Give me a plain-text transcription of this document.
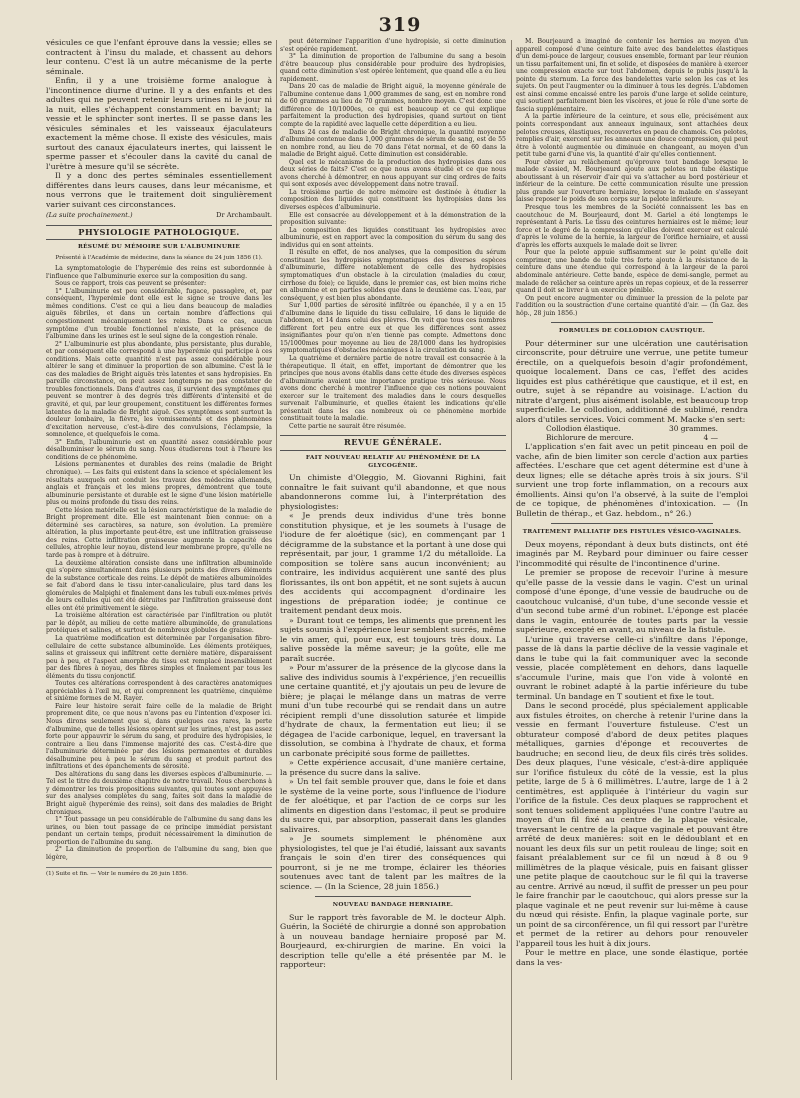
319

vésicules ce que l'enfant éprouve dans la vessie; elles se contractent à l'insu du malade, et chassent au dehors leur contenu. C'est là un autre mécanisme de la perte séminale.

Enfin, il y a une troisième forme analogue à l'incontinence diurne d'urine. Il y a des enfants et des adultes qui ne peuvent retenir leurs urines ni le jour ni la nuit, elles s'échappent constamment en bavant; la vessie et le sphincter sont inertes. Il se passe dans les vésicules séminales et les vaisseaux éjaculateurs exactement la même chose. Il existe des vésicules, mais surtout des canaux éjaculateurs inertes, qui laissent le sperme passer et s'écouler dans la cavité du canal de l'urètre à mesure qu'il se sécrète.

Il y a donc des pertes séminales essentiellement différentes dans leurs causes, dans leur mécanisme, et nous verrons que le traitement doit singulièrement varier suivant ces circonstances.

(La suite prochainement.)	Dr Archambault.
PHYSIOLOGIE PATHOLOGIQUE.
RÉSUMÉ DU MÉMOIRE SUR L'ALBUMINURIE
Présenté à l'Académie de médecine, dans la séance du 24 juin 1856 (1).

La symptomatologie de l'hyperémie des reins est subordonnée à l'influence que l'albuminurie exerce sur la composition du sang.

Sous ce rapport, trois cas peuvent se présenter:

1° L'albuminurie est peu considérable, fugace, passagère, et, par conséquent, l'hyperémie dont elle est le signe se trouve dans les mêmes conditions. C'est ce qui a lieu dans beaucoup de maladies aiguës fébriles, et dans un certain nombre d'affections qui congestionnent mécaniquement les reins. Dans ce cas, aucun symptôme d'un trouble fonctionnel n'existe, et la présence de l'albumine dans les urines est le seul signe de la congestion rénale.

2° L'albuminurie est plus abondante, plus persistante, plus durable, et par conséquent elle correspond à une hyperémie qui participe à ces conditions. Mais cette quantité n'est pas assez considérable pour altérer le sang et diminuer la proportion de son albumine. C'est là le cas des maladies de Bright aiguës très latentes et sans hydropisies. En pareille circonstance, on peut assez longtemps ne pas constater de troubles fonctionnels. Dans d'autres cas, il survient des symptômes qui peuvent se montrer à des degrés très différents d'intensité et de gravité, et qui, par leur groupement, constituent les différentes formes latentes de la maladie de Bright aiguë. Ces symptômes sont surtout la douleur lombaire, la fièvre, les vomissements et des phénomènes d'excitation nerveuse, c'est-à-dire des convulsions, l'éclampsie, la somnolence, et quelquefois le coma.

3° Enfin, l'albuminurie est en quantité assez considérable pour désalbuminiser le sérum du sang. Nous étudierons tout à l'heure les conditions de ce phénomène.

Lésions permanentes et durables des reins (maladie de Bright chronique). — Les faits qui existent dans la science et spécialement les résultats auxquels ont conduit les travaux des médecins allemands, anglais et français et les miens propres, démontrent que toute albuminurie persistante et durable est le signe d'une lésion matérielle plus ou moins profonde du tissu des reins.

Cette lésion matérielle est la lésion caractéristique de la maladie de Bright proprement dite. Elle est maintenant bien connue: on a déterminé ses caractères, sa nature, son évolution. La première altération, la plus importante peut-être, est une infiltration graisseuse des reins. Cette infiltration graisseuse augmente la capacité des cellules, atrophie leur noyau, distend leur membrane propre, qu'elle ne tarde pas à rompre et à détruire.

La deuxième altération consiste dans une infiltration albuminoïde qui s'opère simultanément dans plusieurs points des divers éléments de la substance corticale des reins. Le dépôt de matières albuminoïdes se fait d'abord dans le tissu inter-canaliculaire, plus tard dans les glomérules de Malpighi et finalement dans les tubuli eux-mêmes privés de leurs cellules qui ont été détruites par l'infiltration graisseuse dont elles ont été primitivement le siège.

La troisième altération est caractérisée par l'infiltration ou plutôt par le dépôt, au milieu de cette matière albuminoïde, de granulations protéiques et salines, et surtout de nombreux globules de graisse.

La quatrième modification est déterminée par l'organisation fibro-cellulaire de cette substance albuminoïde. Les éléments protéiques, salins et graisseux qui infiltrent cette dernière matière, disparaissent peu à peu, et l'aspect amorphe du tissu est remplacé insensiblement par des fibres à noyau, des fibres simples et finalement par tous les éléments du tissu conjonctif.

Toutes ces altérations correspondent à des caractères anatomiques appréciables à l'œil nu, et qui comprennent les quatrième, cinquième et sixième formes de M. Rayer.

Faire leur histoire serait faire celle de la maladie de Bright proprement dite, ce que nous n'avons pas eu l'intention d'exposer ici. Nous dirons seulement que si, dans quelques cas rares, la perte d'albumine, que de telles lésions opèrent sur les urines, n'est pas assez forte pour appauvrir le sérum du sang, et produire des hydropisies, le contraire a lieu dans l'immense majorité des cas. C'est-à-dire que l'albuminurie déterminée par des lésions permanentes et durables désalbumine peu à peu le sérum du sang et produit partout des infiltrations et des épanchements de sérosité.

Des altérations du sang dans les diverses espèces d'albuminurie. — Tel est le titre du deuxième chapitre de notre travail. Nous cherchons à y démontrer les trois propositions suivantes, qui toutes sont appuyées sur des analyses complètes du sang, faites soit dans la maladie de Bright aiguë (hyperémie des reins), soit dans des maladies de Bright chroniques.

1° Tout passage un peu considérable de l'albumine du sang dans les urines, ou bien tout passage de ce principe immédiat persistant pendant un certain temps, produit nécessairement la diminution de proportion de l'albumine du sang.

2° La diminution de proportion de l'albumine du sang, bien que légère,

(1) Suite et fin. — Voir le numéro du 26 juin 1856.

peut déterminer l'apparition d'une hydropisie, si cette diminution s'est opérée rapidement.

3° La diminution de proportion de l'albumine du sang a besoin d'être beaucoup plus considérable pour produire des hydropisies, quand cette diminution s'est opérée lentement, que quand elle a eu lieu rapidement.

Dans 20 cas de maladie de Bright aiguë, la moyenne générale de l'albumine contenue dans 1,000 grammes de sang, est en nombre rond de 60 grammes au lieu de 70 grammes, nombre moyen. C'est donc une différence de 10/1000es, ce qui est beaucoup et ce qui explique parfaitement la production des hydropisies, quand surtout on tient compte de la rapidité avec laquelle cette déperdition a eu lieu.

Dans 24 cas de maladie de Bright chronique, la quantité moyenne d'albumine contenue dans 1,000 grammes de sérum de sang, est de 55 en nombre rond, au lieu de 70 dans l'état normal, et de 60 dans la maladie de Bright aiguë. Cette diminution est considérable.

Quel est le mécanisme de la production des hydropisies dans ces deux séries de faits? C'est ce que nous avons étudié et ce que nous avons cherché à démontrer, en nous appuyant sur cinq ordres de faits qui sont exposés avec développement dans notre travail.

La troisième partie de notre mémoire est destinée à étudier la composition des liquides qui constituent les hydropisies dans les diverses espèces d'albuminurie.

Elle est consacrée au développement et à la démonstration de la proposition suivante:

La composition des liquides constituant les hydropisies avec albuminurie, est en rapport avec la composition du sérum du sang des individus qui en sont atteints.

Il résulte en effet, de nos analyses, que la composition du sérum constituant les hydropisies symptomatiques des diverses espèces d'albuminurie, diffère notablement de celle des hydropisies symptomatiques d'un obstacle à la circulation (maladies du cœur, cirrhose du foie); ce liquide, dans le premier cas, est bien moins riche en albumine et en parties solides que dans le deuxième cas. L'eau, par conséquent, y est bien plus abondante.

Sur 1,000 parties de sérosité infiltrée ou épanchée, il y a en 15 d'albumine dans le liquide du tissu cellulaire, 16 dans le liquide de l'abdomen, et 14 dans celui des plèvres. On voit que tous ces nombres diffèrent fort peu entre eux et que les différences sont assez insignifiantes pour qu'on n'en tienne pas compte. Admettons donc 15/1000mes pour moyenne au lieu de 28/1000 dans les hydropisies symptomatiques d'obstacles mécaniques à la circulation du sang.

La quatrième et dernière partie de notre travail est consacrée à la thérapeutique. Il était, en effet, important de démontrer que les principes que nous avons établis dans cette étude des diverses espèces d'albuminurie avaient une importance pratique très sérieuse. Nous avons donc cherché à montrer l'influence que ces notions pouvaient exercer sur le traitement des maladies dans le cours desquelles survenait l'albuminurie, et quelles étaient les indications qu'elle présentait dans les cas nombreux où ce phénomène morbide constituait toute la maladie.

Cette partie ne saurait être résumée.

REVUE GÉNÉRALE.
FAIT NOUVEAU RELATIF AU PHÉNOMÈNE DE LA GLYCOGÉNIE.

Un chimiste d'Oleggio, M. Giovanni Righini, fait connaître le fait suivant qu'il abandonne, et que nous abandonnerons comme lui, à l'interprétation des physiologistes:

« Je prends deux individus d'une très bonne constitution physique, et je les soumets à l'usage de l'iodure de fer aloétique (sic), en commençant par 1 décigramme de la substance et la portant à une dose qui représentait, par jour, 1 gramme 1/2 du métalloïde. La composition se tolère sans aucun inconvénient; au contraire, les individus acquièrent une santé des plus florissantes, ils ont bon appétit, et ne sont sujets à aucun des accidents qui accompagnent d'ordinaire les ingestions de préparation iodée; je continue ce traitement pendant deux mois.

» Durant tout ce temps, les aliments que prennent les sujets soumis à l'expérience leur semblent sucrés, même le vin amer, qui, pour eux, est toujours très doux. La salive possède la même saveur; je la goûte, elle me paraît sucrée.

» Pour m'assurer de la présence de la glycose dans la salive des individus soumis à l'expérience, j'en recueillis une certaine quantité, et j'y ajoutais un peu de levure de bière; je plaçai le mélange dans un matras de verre muni d'un tube recourbé qui se rendait dans un autre récipient rempli d'une dissolution saturée et limpide d'hydrate de chaux, la fermentation eut lieu; il se dégagea de l'acide carbonique, lequel, en traversant la dissolution, se combina à l'hydrate de chaux, et forma un carbonate précipité sous forme de paillettes.

» Cette expérience accusait, d'une manière certaine, la présence du sucre dans la salive.

» Un tel fait semble prouver que, dans le foie et dans le système de la veine porte, sous l'influence de l'iodure de fer aloétique, et par l'action de ce corps sur les aliments en digestion dans l'estomac, il peut se produire du sucre qui, par absorption, passerait dans les glandes salivaires.

» Je soumets simplement le phénomène aux physiologistes, tel que je l'ai étudié, laissant aux savants français le soin d'en tirer des conséquences qui pourront, si je ne me trompe, éclairer les théories soutenues avec tant de talent par les maîtres de la science. — (In la Science, 28 juin 1856.)

NOUVEAU BANDAGE HERNIAIRE.

Sur le rapport très favorable de M. le docteur Alph. Guérin, la Société de chirurgie a donné son approbation à un nouveau bandage herniaire proposé par M. Bourjeaurd, ex-chirurgien de marine. En voici la description telle qu'elle a été présentée par M. le rapporteur:

M. Bourjeaurd a imaginé de contenir les hernies au moyen d'un appareil composé d'une ceinture faite avec des bandelettes élastiques d'un demi-pouce de largeur, cousues ensemble, formant par leur réunion un tissu parfaitement uni, fin et solide, et disposées de manière à exercer une compression exacte sur tout l'abdomen, depuis le pubis jusqu'à la pointe du sternum. La force des bandelettes varie selon les cas et les sujets. On peut l'augmenter ou la diminuer à tous les degrés. L'abdomen est ainsi comme encaissé entre les parois d'une large et solide ceinture, qui soutient parfaitement bien les viscères, et joue le rôle d'une sorte de fascia supplémentaire.

A la partie inférieure de la ceinture, et sous elle, précisément aux points correspondant aux anneaux inguinaux, sont attachées deux pelotes creuses, élastiques, recouvertes en peau de chamois. Ces pelotes, remplies d'air, exercent sur les anneaux une douce compression, qui peut être à volonté augmentée ou diminuée en changeant, au moyen d'un petit tube garni d'une vis, la quantité d'air qu'elles contiennent.

Pour obvier au relâchement qu'éprouve tout bandage lorsque le malade s'assied, M. Bourjeaurd ajoute aux pelotes un tube élastique aboutissant à un réservoir d'air qui va s'attacher au bord postérieur et inférieur de la ceinture. De cette communication résulte une pression plus grande sur l'ouverture herniaire, lorsque le malade en s'asseyant laisse reposer le poids de son corps sur la pelote inférieure.

Presque tous les membres de la Société connaissent les bas en caoutchouc de M. Bourjeaurd, dont M. Gariel a été longtemps le représentant à Paris. Le tissu des ceintures herniaires est le même; leur force et le degré de la compression qu'elles doivent exercer est calculé d'après le volume de la hernie, la largeur de l'orifice herniaire, et aussi d'après les efforts auxquels le malade doit se livrer.

Pour que la pelote appuie suffisamment sur le point qu'elle doit comprimer, une bande de toile très forte ajoute à la résistance de la ceinture dans une étendue qui correspond à la largeur de la paroi abdominale antérieure. Cette bande, espèce de demi-sangle, permet au malade de relâcher sa ceinture après un repas copieux, et de la resserrer quand il doit se livrer à un exercice pénible.

On peut encore augmenter ou diminuer la pression de la pelote par l'addition ou la soustraction d'une certaine quantité d'air. — (In Gaz. des hôp., 28 juin 1856.)

FORMULES DE COLLODION CAUSTIQUE.

Pour déterminer sur une ulcération une cautérisation circonscrite, pour détruire une verrue, une petite tumeur érectile, on a quelquefois besoin d'agir profondément, quoique localement. Dans ce cas, l'effet des acides liquides est plus cathérétique que caustique, et il est, en outre, sujet à se répandre au voisinage. L'action du nitrate d'argent, plus aisément isolable, est beaucoup trop superficielle. Le collodion, additionné de sublimé, rendra alors d'utiles services. Voici comment M. Macke s'en sert:

Collodion élastique.	30 grammes.
Bichlorure de mercure.	4 —

L'application s'en fait avec un petit pinceau en poil de vache, afin de bien limiter son cercle d'action aux parties affectées. L'eschare que cet agent détermine est d'une à deux lignes; elle se détache après trois à six jours. S'il survient une trop forte inflammation, on a recours aux émollients. Ainsi qu'on l'a observé, à la suite de l'emploi de ce topique, de phénomènes d'intoxication. — (In Bulletin de thérap., et Gaz. hebdom., n° 26.)

TRAITEMENT PALLIATIF DES FISTULES VÉSICO-VAGINALES.

Deux moyens, répondant à deux buts distincts, ont été imaginés par M. Reybard pour diminuer ou faire cesser l'incommodité qui résulte de l'incontinence d'urine.

Le premier se propose de recevoir l'urine à mesure qu'elle passe de la vessie dans le vagin. C'est un urinal composé d'une éponge, d'une vessie de baudruche ou de caoutchouc vulcanisé, d'un tube, d'une seconde vessie et d'un second tube armé d'un robinet. L'éponge est placée dans le vagin, entourée de toutes parts par la vessie supérieure, excepté en avant, au niveau de la fistule.

L'urine qui traverse celle-ci s'infiltre dans l'éponge, passe de là dans la partie déclive de la vessie vaginale et dans le tube qui la fait communiquer avec la seconde vessie, placée complètement en dehors, dans laquelle s'accumule l'urine, mais que l'on vide à volonté en ouvrant le robinet adapté à la partie inférieure du tube terminal. Un bandage en T soutient et fixe le tout.

Dans le second procédé, plus spécialement applicable aux fistules étroites, on cherche à retenir l'urine dans la vessie en fermant l'ouverture fistuleuse. C'est un obturateur composé d'abord de deux petites plaques métalliques, garnies d'éponge et recouvertes de baudruche; en second lieu, de deux fils cirés très solides. Des deux plaques, l'une vésicale, c'est-à-dire appliquée sur l'orifice fistuleux du côté de la vessie, est la plus petite, large de 5 à 6 millimètres. L'autre, large de 1 à 2 centimètres, est appliquée à l'intérieur du vagin sur l'orifice de la fistule. Ces deux plaques se rapprochent et sont tenues solidement appliquées l'une contre l'autre au moyen d'un fil fixé au centre de la plaque vésicale, traversant le centre de la plaque vaginale et pouvant être arrêté de deux manières: soit en le dédoublant et en nouant les deux fils sur un petit rouleau de linge; soit en faisant préalablement sur ce fil un nœud à 8 ou 9 millimètres de la plaque vésicale, puis en faisant glisser une petite plaque de caoutchouc sur le fil qui la traverse au centre. Arrivé au nœud, il suffit de presser un peu pour le faire franchir par le caoutchouc, qui alors presse sur la plaque vaginale et ne peut revenir sur lui-même à cause du nœud qui résiste. Enfin, la plaque vaginale porte, sur un point de sa circonférence, un fil qui ressort par l'urètre et permet de la retirer au dehors pour renouveler l'appareil tous les huit à dix jours.

Pour le mettre en place, une sonde élastique, portée dans la ves-
